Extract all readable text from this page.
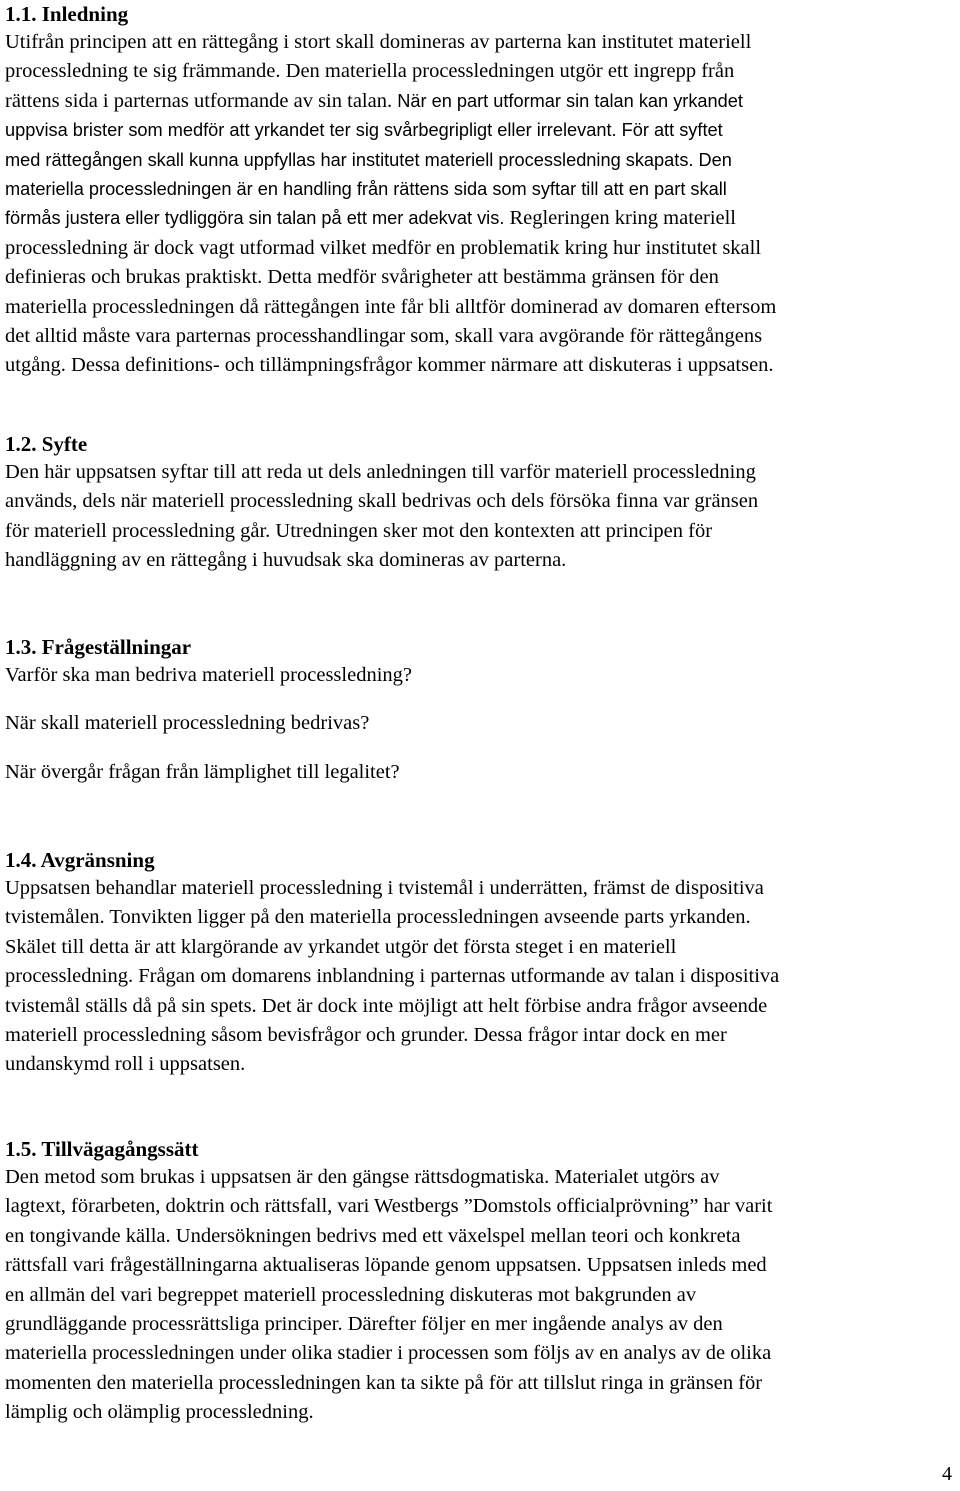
1.1. Inledning

Utifrån principen att en rättegång i stort skall domineras av parterna kan institutet materiell

processledning te sig främmande. Den materiella processledningen utgör ett ingrepp från

rättens sida i parternas utformande av sin talan. När en part utformar sin talan kan yrkandet

uppvisa brister som medför att yrkandet ter sig svårbegripligt eller irrelevant. För att syftet

med rättegången skall kunna uppfyllas har institutet materiell processledning skapats. Den

materiella processledningen är en handling från rättens sida som syftar till att en part skall

förmås justera eller tydliggöra sin talan på ett mer adekvat vis. Regleringen kring materiell

processledning är dock vagt utformad vilket medför en problematik kring hur institutet skall

definieras och brukas praktiskt. Detta medför svårigheter att bestämma gränsen för den

materiella processledningen då rättegången inte får bli alltför dominerad av domaren eftersom

det alltid måste vara parternas processhandlingar som, skall vara avgörande för rättegångens

utgång. Dessa definitions- och tillämpningsfrågor kommer närmare att diskuteras i uppsatsen.

1.2. Syfte

Den här uppsatsen syftar till att reda ut dels anledningen till varför materiell processledning

används, dels när materiell processledning skall bedrivas och dels försöka finna var gränsen

för materiell processledning går. Utredningen sker mot den kontexten att principen för

handläggning av en rättegång i huvudsak ska domineras av parterna.

1.3. Frågeställningar

Varför ska man bedriva materiell processledning?

När skall materiell processledning bedrivas?

När övergår frågan från lämplighet till legalitet?

1.4. Avgränsning

Uppsatsen behandlar materiell processledning i tvistemål i underrätten, främst de dispositiva

tvistemålen. Tonvikten ligger på den materiella processledningen avseende parts yrkanden.

Skälet till detta är att klargörande av yrkandet utgör det första steget i en materiell

processledning. Frågan om domarens inblandning i parternas utformande av talan i dispositiva

tvistemål ställs då på sin spets. Det är dock inte möjligt att helt förbise andra frågor avseende

materiell processledning såsom bevisfrågor och grunder. Dessa frågor intar dock en mer

undanskymd roll i uppsatsen.

1.5. Tillvägagångssätt

Den metod som brukas i uppsatsen är den gängse rättsdogmatiska. Materialet utgörs av

lagtext, förarbeten, doktrin och rättsfall, vari Westbergs ”Domstols officialprövning” har varit

en tongivande källa. Undersökningen bedrivs med ett växelspel mellan teori och konkreta

rättsfall vari frågeställningarna aktualiseras löpande genom uppsatsen. Uppsatsen inleds med

en allmän del vari begreppet materiell processledning diskuteras mot bakgrunden av

grundläggande processrättsliga principer. Därefter följer en mer ingående analys av den

materiella processledningen under olika stadier i processen som följs av en analys av de olika

momenten den materiella processledningen kan ta sikte på för att tillslut ringa in gränsen för

lämplig och olämplig processledning.

4
